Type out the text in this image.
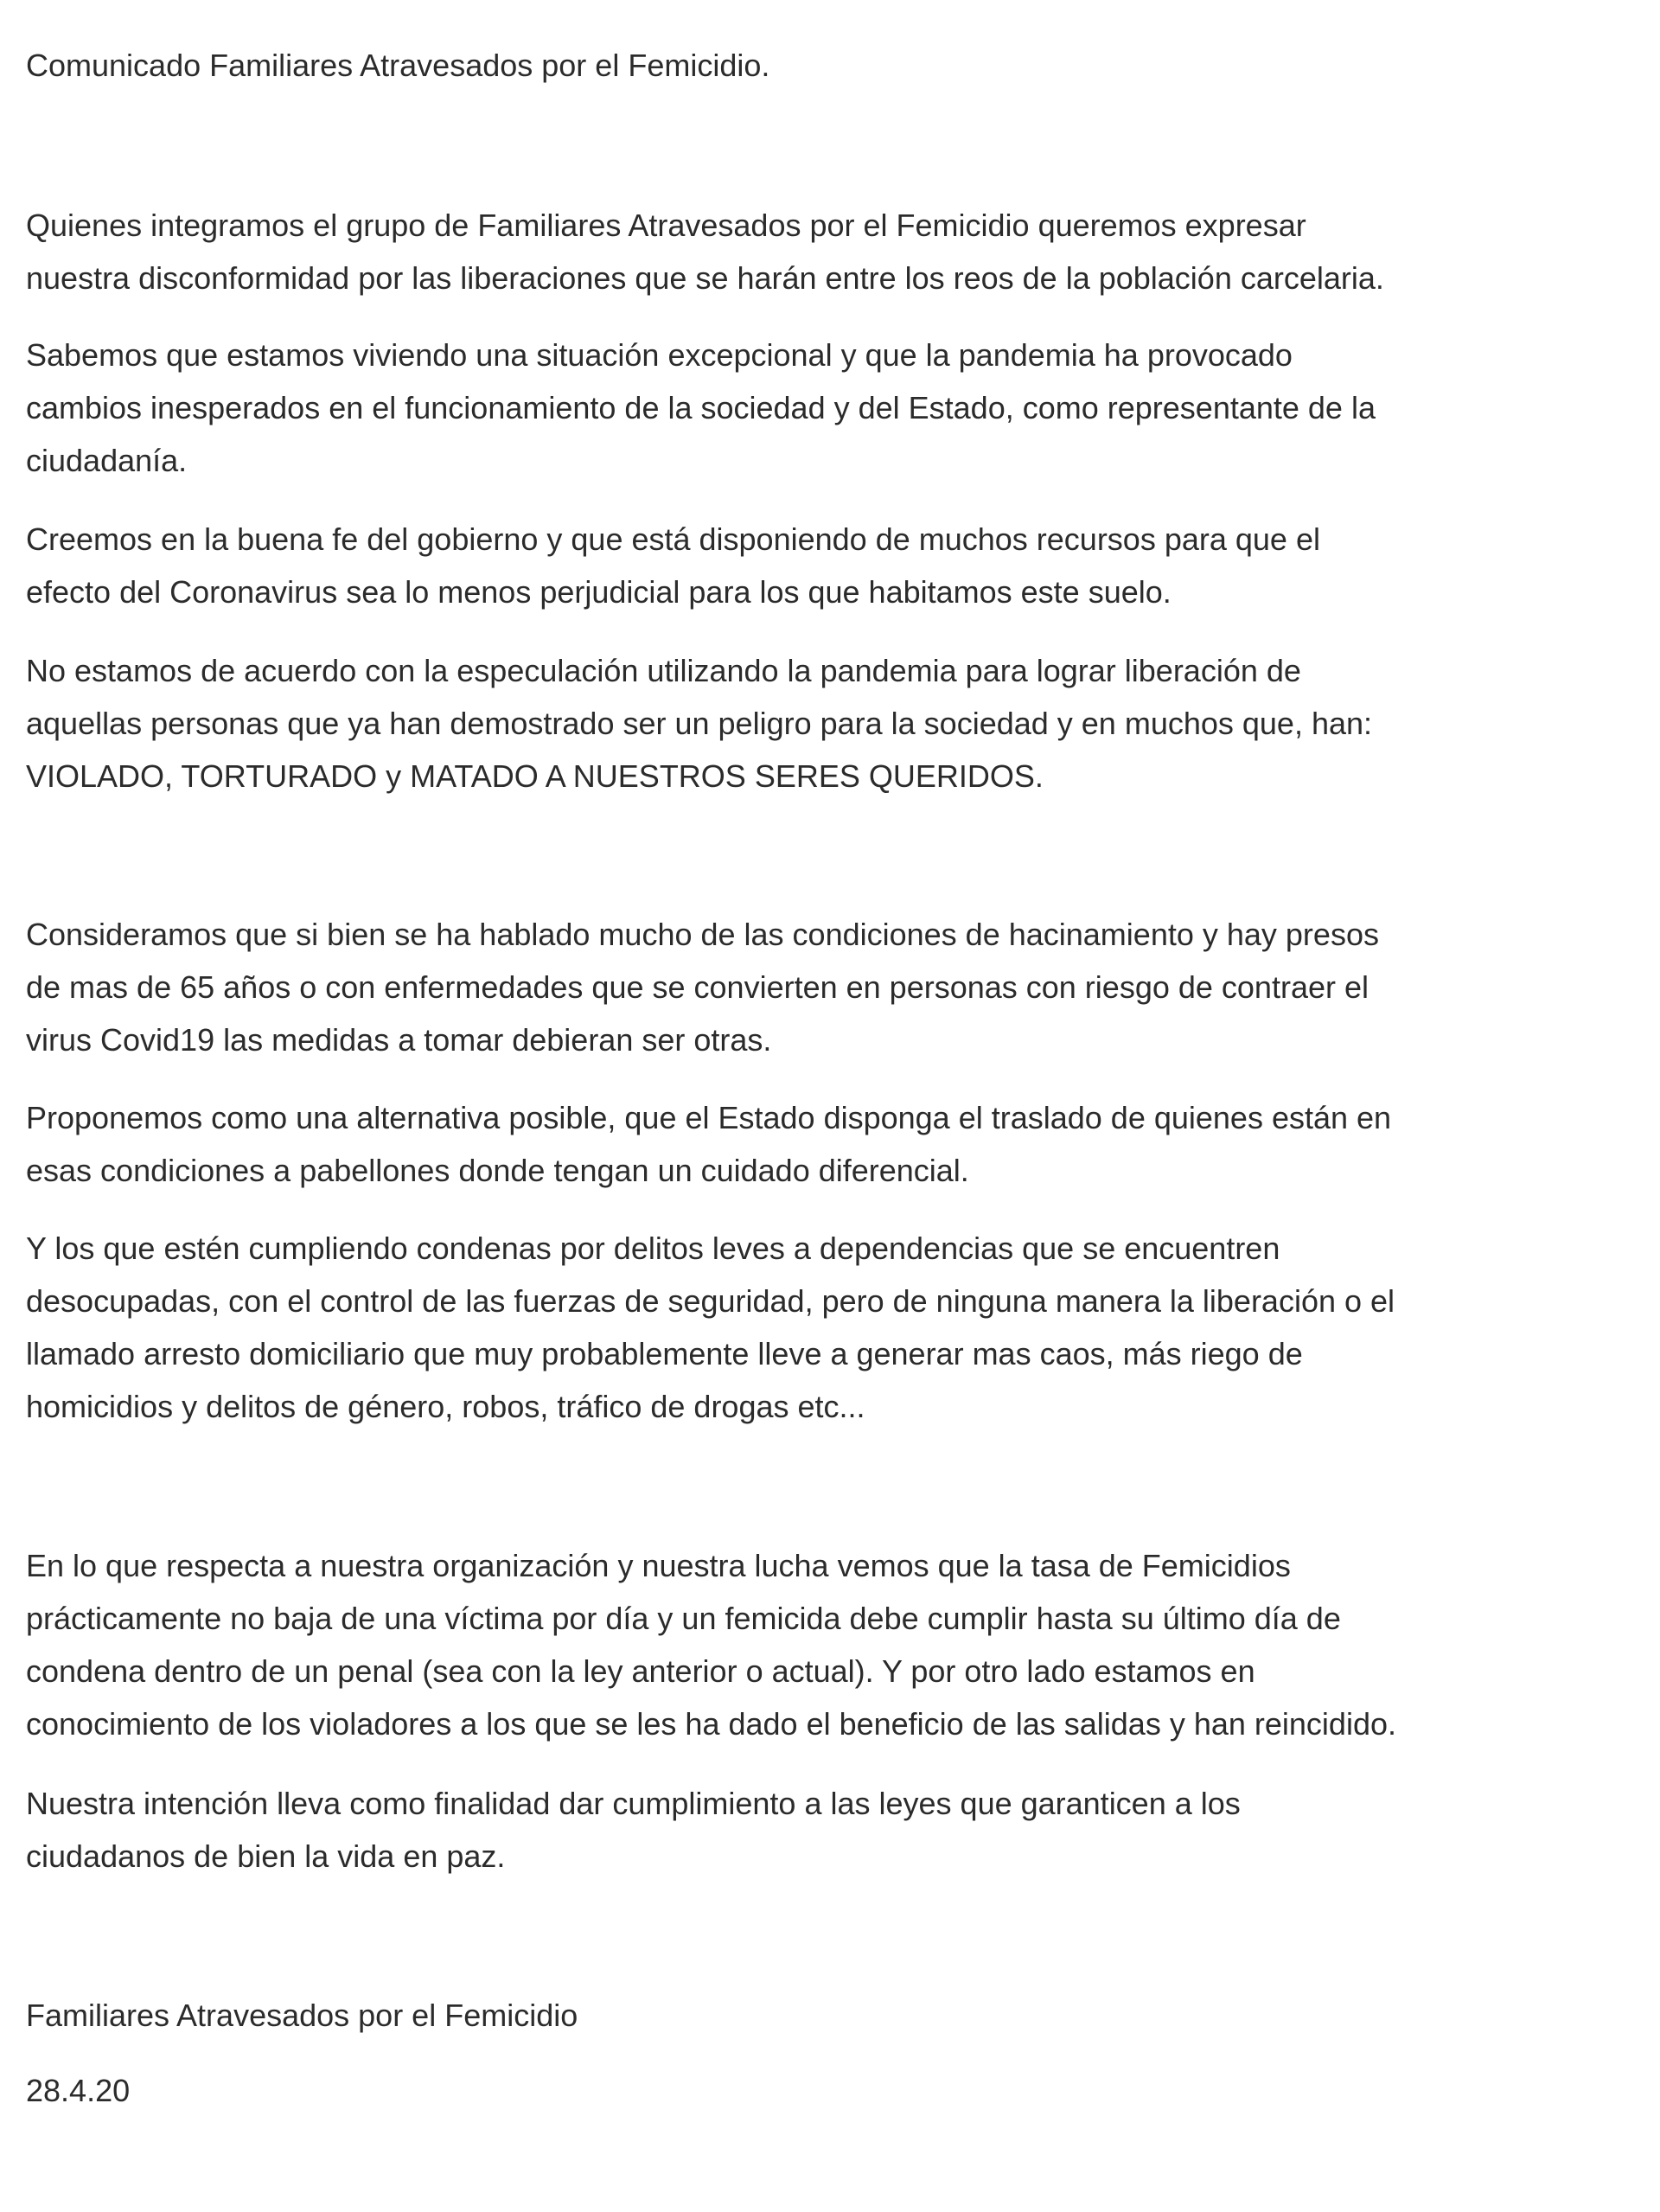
Comunicado Familiares Atravesados por el Femicidio.

Quienes integramos el grupo de Familiares Atravesados por el Femicidio queremos expresar
nuestra disconformidad por las liberaciones que se harán entre los reos de la población carcelaria.

Sabemos que estamos viviendo una situación excepcional y que la pandemia ha provocado
cambios inesperados en el funcionamiento de la sociedad y del Estado, como representante de la
ciudadanía.

Creemos en la buena fe del gobierno y que está disponiendo de muchos recursos para que el
efecto del Coronavirus sea lo menos perjudicial para los que habitamos este suelo.

No estamos de acuerdo con la especulación utilizando la pandemia para lograr liberación de
aquellas personas que ya han demostrado ser un peligro para la sociedad y en muchos que, han:
VIOLADO, TORTURADO y MATADO A NUESTROS SERES QUERIDOS.

Consideramos que si bien se ha hablado mucho de las condiciones de hacinamiento y hay presos
de mas de 65 años o con enfermedades que se convierten en personas con riesgo de contraer el
virus Covid19 las medidas a tomar debieran ser otras.

Proponemos como una alternativa posible, que el Estado disponga el traslado de quienes están en
esas condiciones a pabellones donde tengan un cuidado diferencial.

Y los que estén cumpliendo condenas por delitos leves a dependencias que se encuentren
desocupadas, con el control de las fuerzas de seguridad, pero de ninguna manera la liberación o el
llamado arresto domiciliario que muy probablemente lleve a generar mas caos, más riego de
homicidios y delitos de género, robos, tráfico de drogas etc...

En lo que respecta a nuestra organización y nuestra lucha vemos que la tasa de Femicidios
prácticamente no baja de una víctima por día y un femicida debe cumplir hasta su último día de
condena dentro de un penal (sea con la ley anterior o actual). Y por otro lado estamos en
conocimiento de los violadores a los que se les ha dado el beneficio de las salidas y han reincidido.

Nuestra intención lleva como finalidad dar cumplimiento a las leyes que garanticen a los
ciudadanos de bien la vida en paz.

Familiares Atravesados por el Femicidio

28.4.20
